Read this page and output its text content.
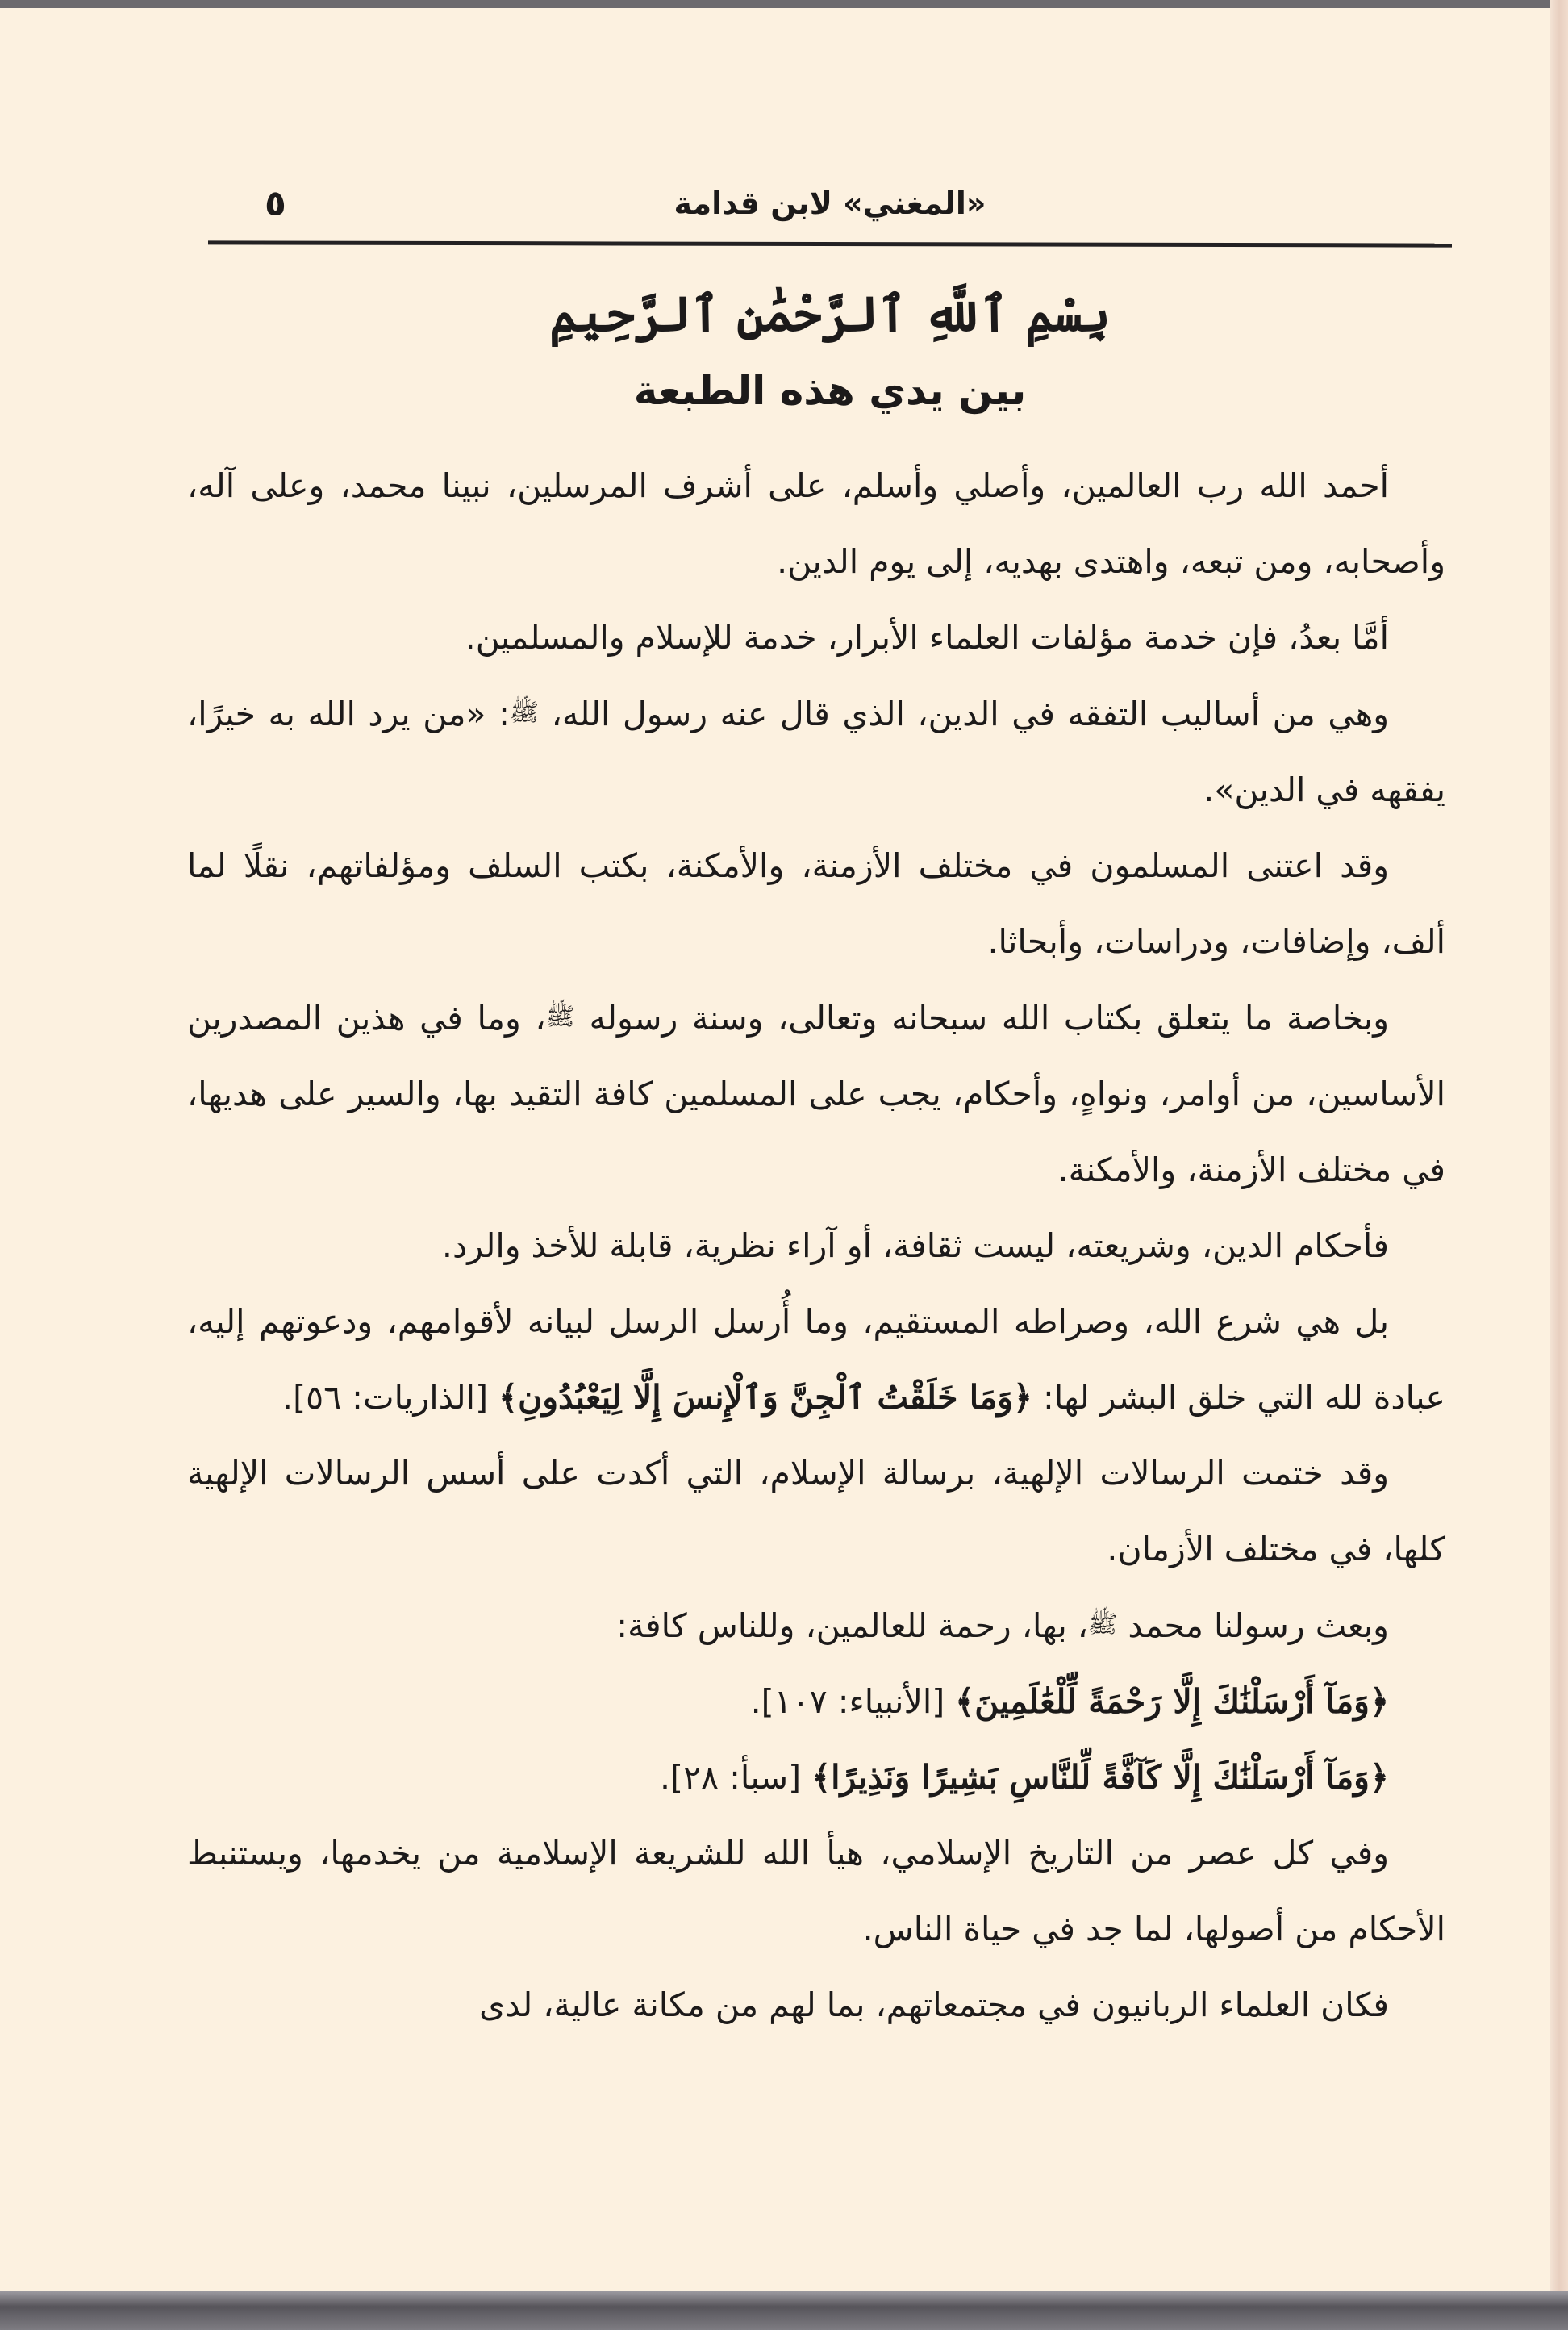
«المغني» لابن قدامة
٥
بِسْمِ ٱللَّهِ ٱلرَّحْمَٰنِ ٱلرَّحِيمِ
بين يدي هذه الطبعة

أحمد الله رب العالمين، وأصلي وأسلم، على أشرف المرسلين، نبينا محمد، وعلى آله، وأصحابه، ومن تبعه، واهتدى بهديه، إلى يوم الدين.

أمَّا بعدُ، فإن خدمة مؤلفات العلماء الأبرار، خدمة للإسلام والمسلمين.

وهي من أساليب التفقه في الدين، الذي قال عنه رسول الله، ﷺ: «من يرد الله به خيرًا، يفقهه في الدين».

وقد اعتنى المسلمون في مختلف الأزمنة، والأمكنة، بكتب السلف ومؤلفاتهم، نقلًا لما ألف، وإضافات، ودراسات، وأبحاثا.

وبخاصة ما يتعلق بكتاب الله سبحانه وتعالى، وسنة رسوله ﷺ، وما في هذين المصدرين الأساسين، من أوامر، ونواهٍ، وأحكام، يجب على المسلمين كافة التقيد بها، والسير على هديها، في مختلف الأزمنة، والأمكنة.

فأحكام الدين، وشريعته، ليست ثقافة، أو آراء نظرية، قابلة للأخذ والرد.

بل هي شرع الله، وصراطه المستقيم، وما أُرسل الرسل لبيانه لأقوامهم، ودعوتهم إليه، عبادة لله التي خلق البشر لها: ﴿وَمَا خَلَقْتُ ٱلْجِنَّ وَٱلْإِنسَ إِلَّا لِيَعْبُدُونِ﴾ [الذاريات: ٥٦].

وقد ختمت الرسالات الإلهية، برسالة الإسلام، التي أكدت على أسس الرسالات الإلهية كلها، في مختلف الأزمان.

وبعث رسولنا محمد ﷺ، بها، رحمة للعالمين، وللناس كافة:

﴿وَمَآ أَرْسَلْنَٰكَ إِلَّا رَحْمَةً لِّلْعَٰلَمِينَ﴾ [الأنبياء: ١٠٧].

﴿وَمَآ أَرْسَلْنَٰكَ إِلَّا كَآفَّةً لِّلنَّاسِ بَشِيرًا وَنَذِيرًا﴾ [سبأ: ٢٨].

وفي كل عصر من التاريخ الإسلامي، هيأ الله للشريعة الإسلامية من يخدمها، ويستنبط الأحكام من أصولها، لما جد في حياة الناس.

فكان العلماء الربانيون في مجتمعاتهم، بما لهم من مكانة عالية، لدى
